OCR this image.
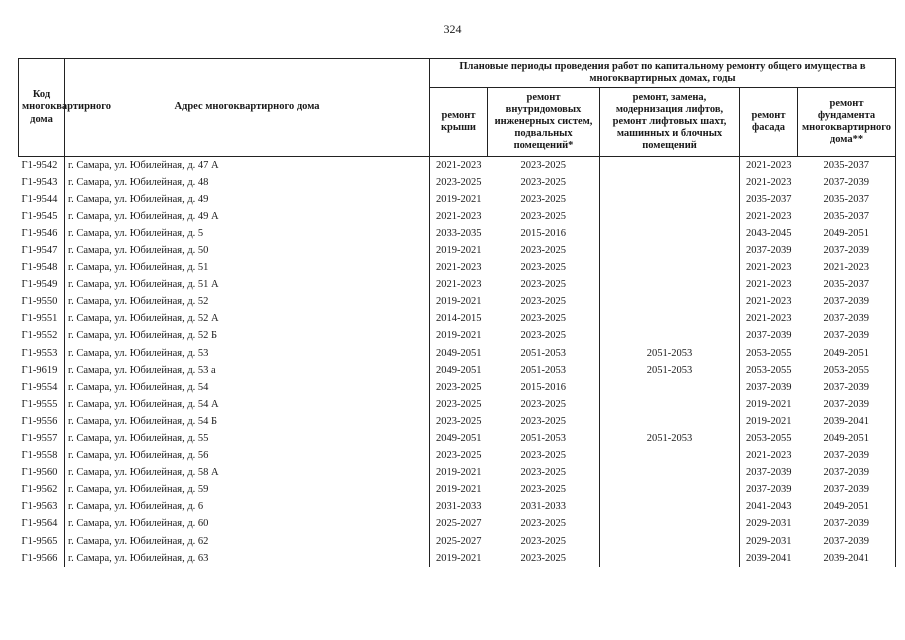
324
Код многоквартирного дома	Адрес многоквартирного дома	Плановые периоды проведения работ по капитальному ремонту общего имущества в многоквартирных домах, годы				
		ремонт крыши	ремонт внутридомовых инженерных систем, подвальных помещений*	ремонт, замена, модернизация лифтов, ремонт лифтовых шахт, машинных и блочных помещений	ремонт фасада	ремонт фундамента многоквартирного дома**
Г1-9542	г. Самара, ул. Юбилейная, д. 47 А	2021-2023	2023-2025		2021-2023	2035-2037
Г1-9543	г. Самара, ул. Юбилейная, д. 48	2023-2025	2023-2025		2021-2023	2037-2039
Г1-9544	г. Самара, ул. Юбилейная, д. 49	2019-2021	2023-2025		2035-2037	2035-2037
Г1-9545	г. Самара, ул. Юбилейная, д. 49 А	2021-2023	2023-2025		2021-2023	2035-2037
Г1-9546	г. Самара, ул. Юбилейная, д. 5	2033-2035	2015-2016		2043-2045	2049-2051
Г1-9547	г. Самара, ул. Юбилейная, д. 50	2019-2021	2023-2025		2037-2039	2037-2039
Г1-9548	г. Самара, ул. Юбилейная, д. 51	2021-2023	2023-2025		2021-2023	2021-2023
Г1-9549	г. Самара, ул. Юбилейная, д. 51 А	2021-2023	2023-2025		2021-2023	2035-2037
Г1-9550	г. Самара, ул. Юбилейная, д. 52	2019-2021	2023-2025		2021-2023	2037-2039
Г1-9551	г. Самара, ул. Юбилейная, д. 52 А	2014-2015	2023-2025		2021-2023	2037-2039
Г1-9552	г. Самара, ул. Юбилейная, д. 52 Б	2019-2021	2023-2025		2037-2039	2037-2039
Г1-9553	г. Самара, ул. Юбилейная, д. 53	2049-2051	2051-2053	2051-2053	2053-2055	2049-2051
Г1-9619	г. Самара, ул. Юбилейная, д. 53 а	2049-2051	2051-2053	2051-2053	2053-2055	2053-2055
Г1-9554	г. Самара, ул. Юбилейная, д. 54	2023-2025	2015-2016		2037-2039	2037-2039
Г1-9555	г. Самара, ул. Юбилейная, д. 54 А	2023-2025	2023-2025		2019-2021	2037-2039
Г1-9556	г. Самара, ул. Юбилейная, д. 54 Б	2023-2025	2023-2025		2019-2021	2039-2041
Г1-9557	г. Самара, ул. Юбилейная, д. 55	2049-2051	2051-2053	2051-2053	2053-2055	2049-2051
Г1-9558	г. Самара, ул. Юбилейная, д. 56	2023-2025	2023-2025		2021-2023	2037-2039
Г1-9560	г. Самара, ул. Юбилейная, д. 58 А	2019-2021	2023-2025		2037-2039	2037-2039
Г1-9562	г. Самара, ул. Юбилейная, д. 59	2019-2021	2023-2025		2037-2039	2037-2039
Г1-9563	г. Самара, ул. Юбилейная, д. 6	2031-2033	2031-2033		2041-2043	2049-2051
Г1-9564	г. Самара, ул. Юбилейная, д. 60	2025-2027	2023-2025		2029-2031	2037-2039
Г1-9565	г. Самара, ул. Юбилейная, д. 62	2025-2027	2023-2025		2029-2031	2037-2039
Г1-9566	г. Самара, ул. Юбилейная, д. 63	2019-2021	2023-2025		2039-2041	2039-2041
